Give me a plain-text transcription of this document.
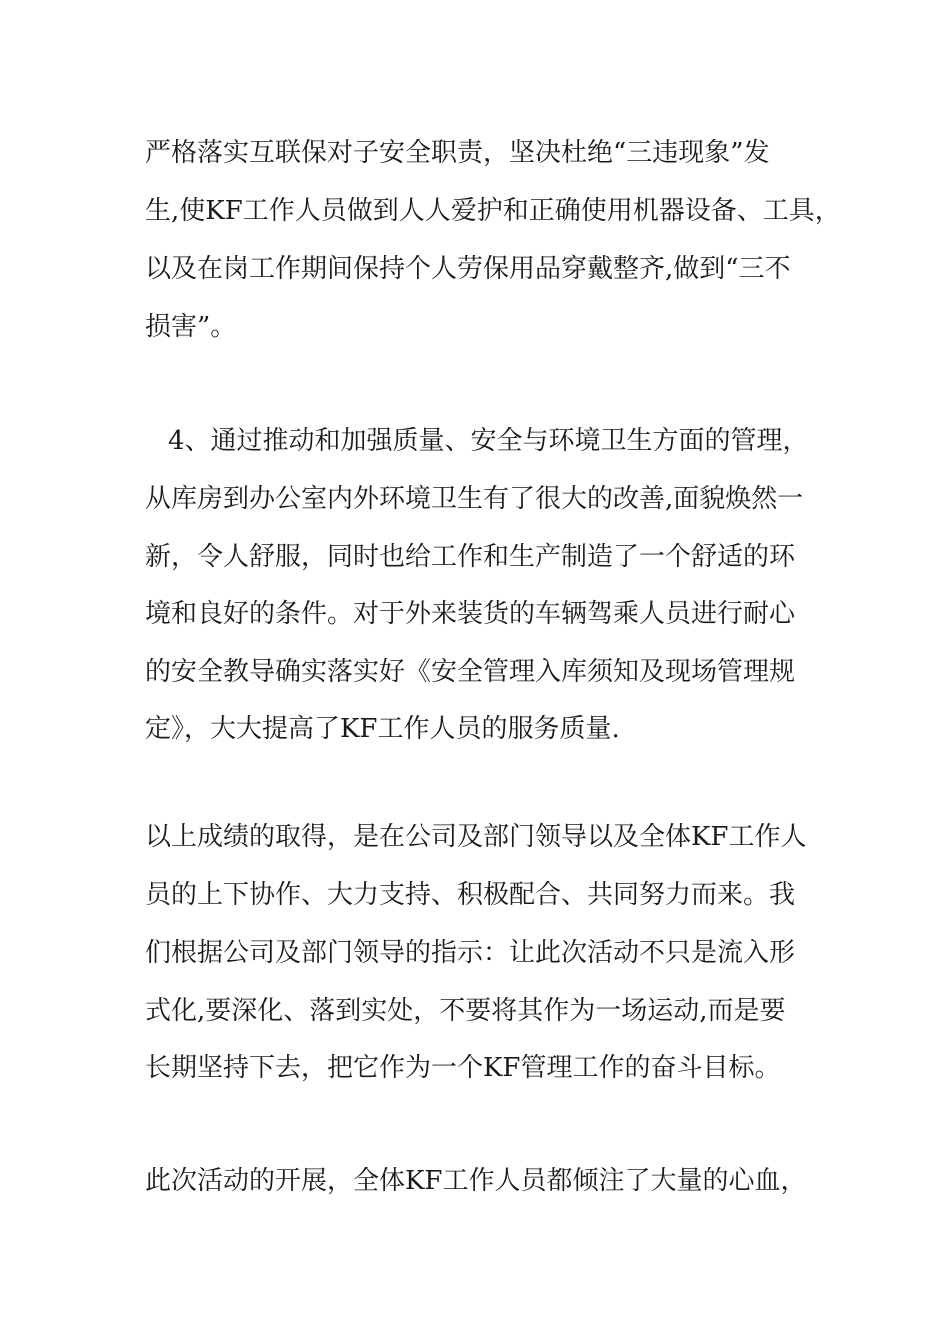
严格落实互联保对子安全职责，坚决杜绝“三违现象”发
生,使KF工作人员做到人人爱护和正确使用机器设备、工具，
以及在岗工作期间保持个人劳保用品穿戴整齐,做到“三不
损害”。
4、通过推动和加强质量、安全与环境卫生方面的管理，
从库房到办公室内外环境卫生有了很大的改善,面貌焕然一
新，令人舒服，同时也给工作和生产制造了一个舒适的环
境和良好的条件。对于外来装货的车辆驾乘人员进行耐心
的安全教导确实落实好《安全管理入库须知及现场管理规
定》，大大提高了KF工作人员的服务质量.
以上成绩的取得，是在公司及部门领导以及全体KF工作人
员的上下协作、大力支持、积极配合、共同努力而来。我
们根据公司及部门领导的指示：让此次活动不只是流入形
式化,要深化、落到实处，不要将其作为一场运动,而是要
长期坚持下去，把它作为一个KF管理工作的奋斗目标。
此次活动的开展，全体KF工作人员都倾注了大量的心血，
